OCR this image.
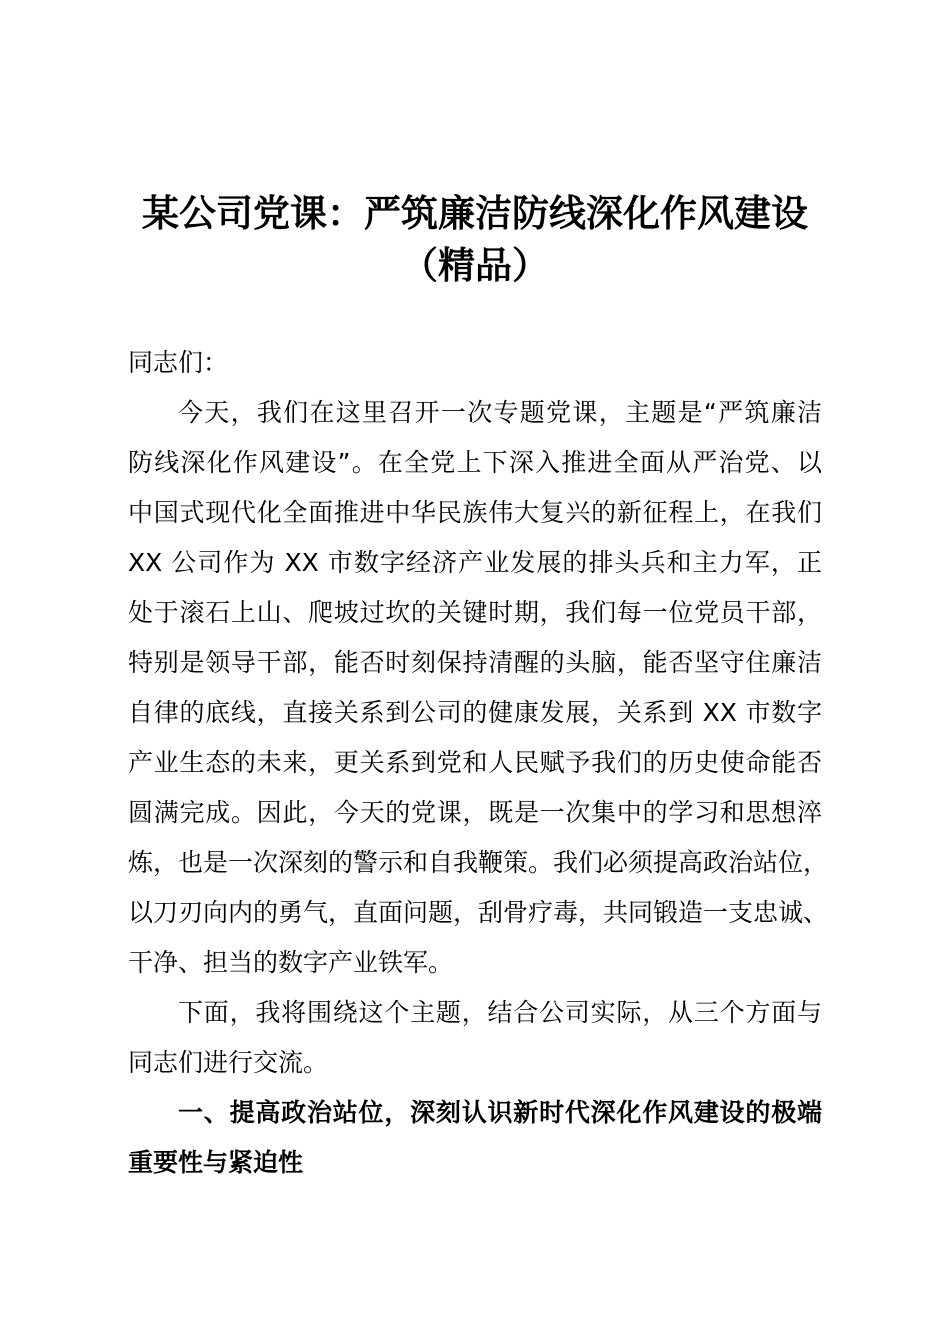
某公司党课：严筑廉洁防线深化作风建设
（精品）
同志们：
今天，我们在这里召开一次专题党课，主题是“严筑廉洁
防线深化作风建设”。在全党上下深入推进全面从严治党、以
中国式现代化全面推进中华民族伟大复兴的新征程上，在我们
XX 公司作为 XX 市数字经济产业发展的排头兵和主力军，正
处于滚石上山、爬坡过坎的关键时期，我们每一位党员干部，
特别是领导干部，能否时刻保持清醒的头脑，能否坚守住廉洁
自律的底线，直接关系到公司的健康发展，关系到 XX 市数字
产业生态的未来，更关系到党和人民赋予我们的历史使命能否
圆满完成。因此，今天的党课，既是一次集中的学习和思想淬
炼，也是一次深刻的警示和自我鞭策。我们必须提高政治站位，
以刀刃向内的勇气，直面问题，刮骨疗毒，共同锻造一支忠诚、
干净、担当的数字产业铁军。
下面，我将围绕这个主题，结合公司实际，从三个方面与
同志们进行交流。
一、提高政治站位，深刻认识新时代深化作风建设的极端
重要性与紧迫性
